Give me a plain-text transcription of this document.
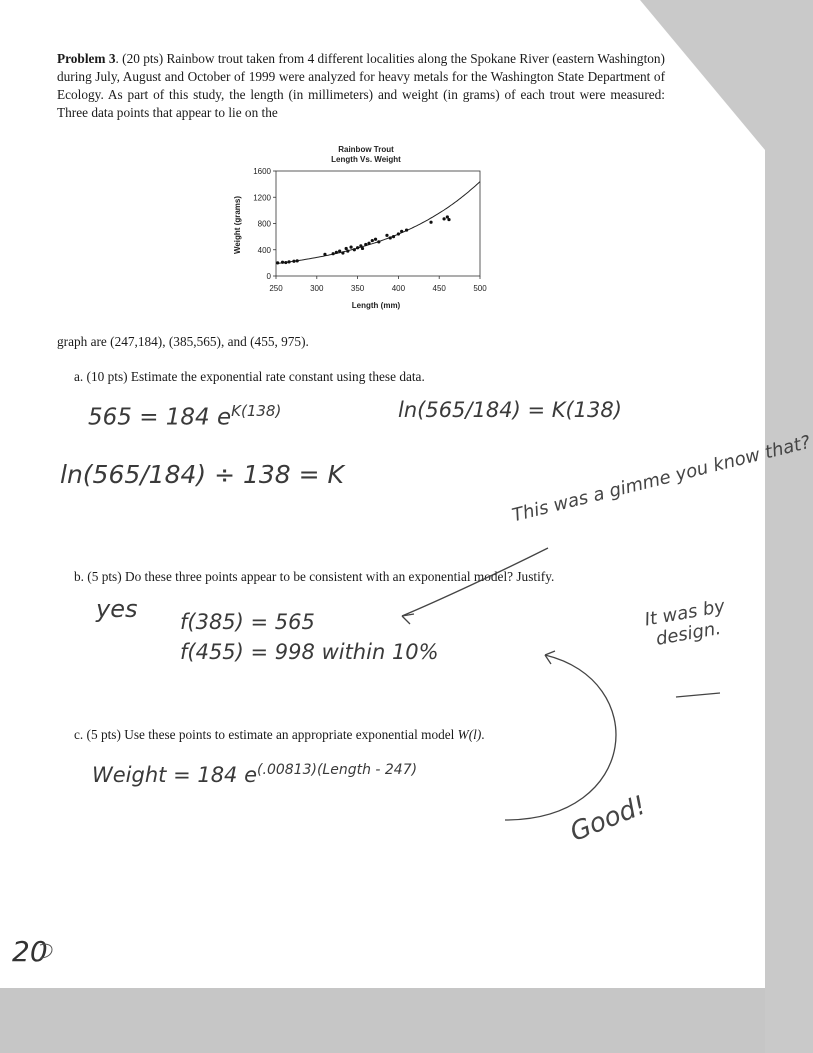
Problem 3. (20 pts) Rainbow trout taken from 4 different localities along the Spokane River (eastern Washington) during July, August and October of 1999 were analyzed for heavy metals for the Washington State Department of Ecology. As part of this study, the length (in millimeters) and weight (in grams) of each trout were measured: Three data points that appear to lie on the
Rainbow Trout
Length Vs. Weight
0
400
800
1200
1600
250	300	350	400	450	500
Length (mm)
Weight (grams)
graph are (247,184), (385,565), and (455, 975).
a. (10 pts) Estimate the exponential rate constant using these data.
b. (5 pts) Do these three points appear to be consistent with an exponential model? Justify.
c. (5 pts) Use these points to estimate an appropriate exponential model W(l).
565 = 184 $e^{K(138)}$	ln(565/184) = K(138)
ln(565/184) ÷ 138 = K	This was a gimme you know that?
yes f(385) = 565
f(455) = 998 within 10%
It was by design.
Weight = 184 $e^{(.00813)(Length - 247)}$
Good!
20
